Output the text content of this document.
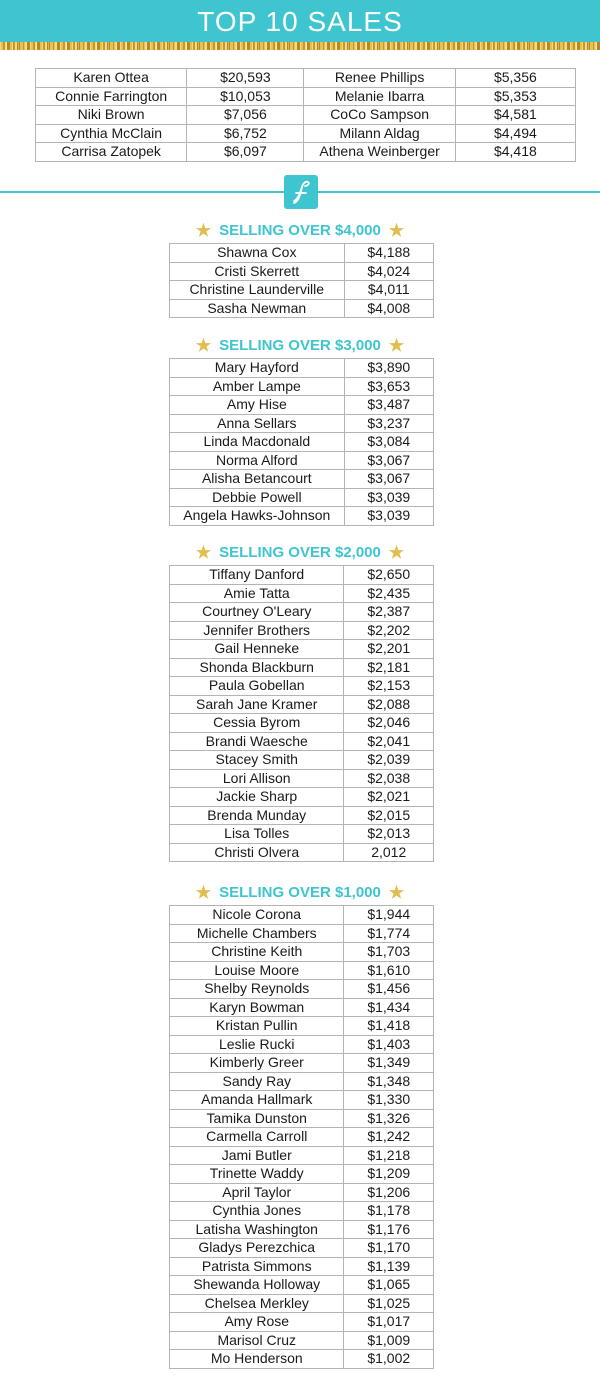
TOP 10 SALES
Karen Ottea	$20,593	Renee Phillips	$5,356
Connie Farrington	$10,053	Melanie Ibarra	$5,353
Niki Brown	$7,056	CoCo Sampson	$4,581
Cynthia McClain	$6,752	Milann Aldag	$4,494
Carrisa Zatopek	$6,097	Athena Weinberger	$4,418
★ SELLING OVER $4,000 ★
Shawna Cox	$4,188
Cristi Skerrett	$4,024
Christine Launderville	$4,011
Sasha Newman	$4,008
★ SELLING OVER $3,000 ★
Mary Hayford	$3,890
Amber Lampe	$3,653
Amy Hise	$3,487
Anna Sellars	$3,237
Linda Macdonald	$3,084
Norma Alford	$3,067
Alisha Betancourt	$3,067
Debbie Powell	$3,039
Angela Hawks-Johnson	$3,039
★ SELLING OVER $2,000 ★
Tiffany Danford	$2,650
Amie Tatta	$2,435
Courtney O'Leary	$2,387
Jennifer Brothers	$2,202
Gail Henneke	$2,201
Shonda Blackburn	$2,181
Paula Gobellan	$2,153
Sarah Jane Kramer	$2,088
Cessia Byrom	$2,046
Brandi Waesche	$2,041
Stacey Smith	$2,039
Lori Allison	$2,038
Jackie Sharp	$2,021
Brenda Munday	$2,015
Lisa Tolles	$2,013
Christi Olvera	2,012
★ SELLING OVER $1,000 ★
Nicole Corona	$1,944
Michelle Chambers	$1,774
Christine Keith	$1,703
Louise Moore	$1,610
Shelby Reynolds	$1,456
Karyn Bowman	$1,434
Kristan Pullin	$1,418
Leslie Rucki	$1,403
Kimberly Greer	$1,349
Sandy Ray	$1,348
Amanda Hallmark	$1,330
Tamika Dunston	$1,326
Carmella Carroll	$1,242
Jami Butler	$1,218
Trinette Waddy	$1,209
April Taylor	$1,206
Cynthia Jones	$1,178
Latisha Washington	$1,176
Gladys Perezchica	$1,170
Patrista Simmons	$1,139
Shewanda Holloway	$1,065
Chelsea Merkley	$1,025
Amy Rose	$1,017
Marisol Cruz	$1,009
Mo Henderson	$1,002
